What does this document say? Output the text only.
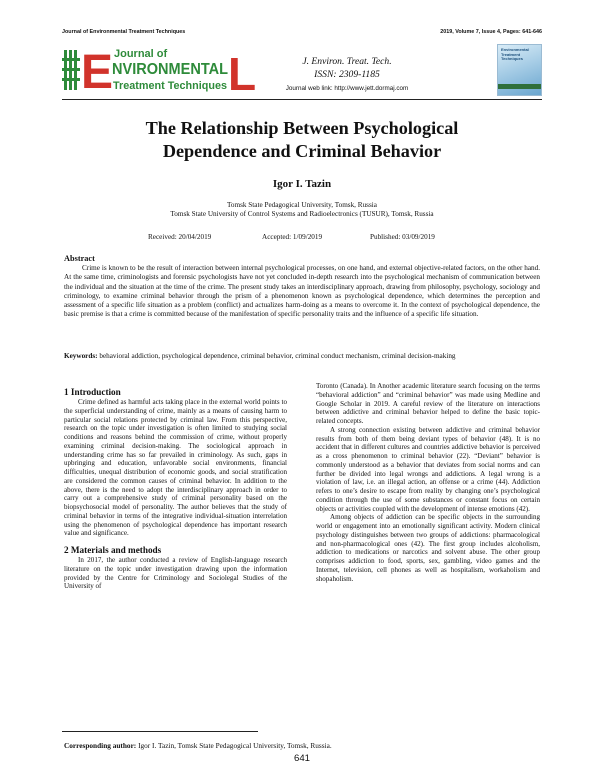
Journal of Environmental Treatment Techniques	2019, Volume 7, Issue 4, Pages: 641-646
E Journal of
NVIRONMENTAL
Treatment Techniques L	J. Environ. Treat. Tech.
ISSN: 2309-1185
Journal web link: http://www.jett.dormaj.com
Environmental
Treatment
Techniques
The Relationship Between Psychological
Dependence and Criminal Behavior
Igor I. Tazin
Tomsk State Pedagogical University, Tomsk, Russia
Tomsk State University of Control Systems and Radioelectronics (TUSUR), Tomsk, Russia
Received: 20/04/2019	Accepted: 1/09/2019	Published: 03/09/2019
Abstract

Crime is known to be the result of interaction between internal psychological processes, on one hand, and external objective-related factors, on the other hand. At the same time, criminologists and forensic psychologists have not yet concluded in-depth research into the psychological mechanism of communication between the individual and the situation at the time of the crime. The present study takes an interdisciplinary approach, drawing from philosophy, psychology, sociology and criminology, to examine criminal behavior through the prism of a phenomenon known as psychological dependence, which determines the perception and assessment of a specific life situation as a problem (conflict) and actualizes harm-doing as a means to overcome it. In the context of psychological dependence, the basic premise is that a crime is committed because of the manifestation of specific personality traits and the influence of a specific life situation.

Keywords: behavioral addiction, psychological dependence, criminal behavior, criminal conduct mechanism, criminal decision-making
1 Introduction

Crime defined as harmful acts taking place in the external world points to the superficial understanding of crime, mainly as a means of causing harm to particular social relations protected by criminal law. From this perspective, research on the topic under investigation is often limited to studying social conditions and reasons behind the commission of crime, without properly examining criminal decision-making. The sociological approach in understanding crime has so far prevailed in criminology. As such, gaps in upbringing and education, unfavorable social environments, financial difficulties, unequal distribution of economic goods, and social stratification are considered the common causes of criminal behavior. In addition to the above, there is the need to adopt the interdisciplinary approach in order to carry out a comprehensive study of criminal personality based on the biopsychosocial model of personality. The author believes that the study of criminal behavior in terms of the integrative individual-situation interrelation using the phenomenon of psychological dependence has important research value and significance.

2 Materials and methods

In 2017, the author conducted a review of English-language research literature on the topic under investigation drawing upon the information provided by the Centre for Criminology and Sociolegal Studies of the University of

Toronto (Canada). In Another academic literature search focusing on the terms “behavioral addiction” and “criminal behavior” was made using Medline and Google Scholar in 2019. A careful review of the literature on interactions between addictive and criminal behavior helped to define the basic topic-related concepts.

A strong connection existing between addictive and criminal behavior results from both of them being deviant types of behavior (48). It is no accident that in different cultures and countries addictive behavior is perceived as a cross phenomenon to criminal behavior (22). “Deviant” behavior is commonly understood as a behavior that deviates from social norms and can further be divided into legal wrongs and addictions. A legal wrong is a violation of law, i.e. an illegal action, an offense or a crime (44). Addiction refers to one’s desire to escape from reality by changing one’s psychological condition through the use of some substances or constant focus on certain objects or activities coupled with the development of intense emotions (42).

Among objects of addiction can be specific objects in the surrounding world or engagement into an emotionally significant activity. Modern clinical psychology distinguishes between two groups of addictions: pharmacological and non-pharmacological ones (42). The first group includes alcoholism, addiction to medications or narcotics and solvent abuse. The other group comprises addiction to food, sports, sex, gambling, video games and the Internet, television, cell phones as well as hospitalism, workaholism and shopaholism.

Corresponding author: Igor I. Tazin, Tomsk State Pedagogical University, Tomsk, Russia.
641
